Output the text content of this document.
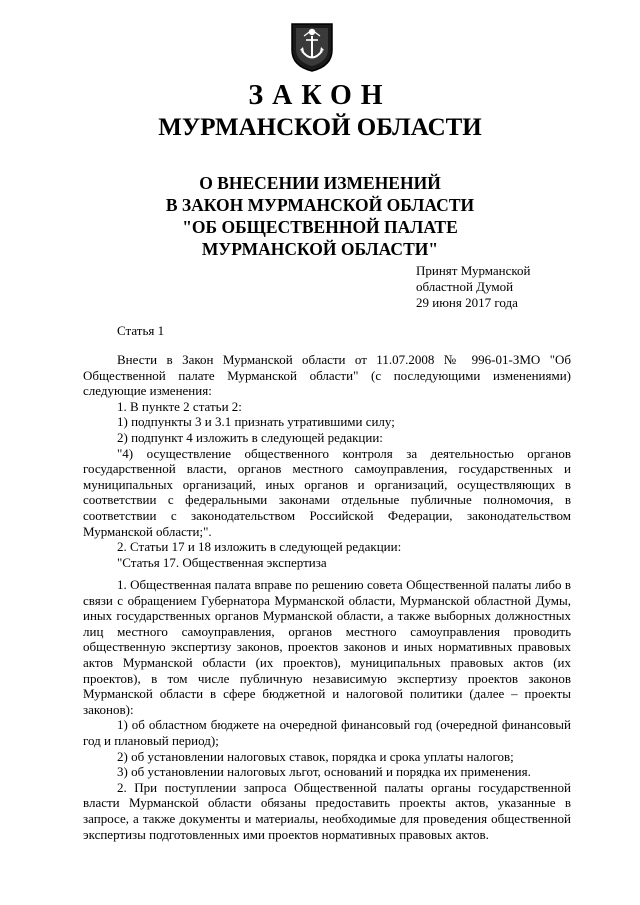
ЗАКОН
МУРМАНСКОЙ ОБЛАСТИ
О ВНЕСЕНИИ ИЗМЕНЕНИЙ
В ЗАКОН МУРМАНСКОЙ ОБЛАСТИ
"ОБ ОБЩЕСТВЕННОЙ ПАЛАТЕ
МУРМАНСКОЙ ОБЛАСТИ"
Принят Мурманской
областной Думой
29 июня 2017 года
Статья 1

Внести в Закон Мурманской области от 11.07.2008 № 996-01-ЗМО "Об Общественной палате Мурманской области" (с последующими изменениями) следующие изменения:

1. В пункте 2 статьи 2:

1) подпункты 3 и 3.1 признать утратившими силу;

2) подпункт 4 изложить в следующей редакции:

"4) осуществление общественного контроля за деятельностью органов государственной власти, органов местного самоуправления, государственных и муниципальных организаций, иных органов и организаций, осуществляющих в соответствии с федеральными законами отдельные публичные полномочия, в соответствии с законодательством Российской Федерации, законодательством Мурманской области;".

2. Статьи 17 и 18 изложить в следующей редакции:

"Статья 17. Общественная экспертиза

1. Общественная палата вправе по решению совета Общественной палаты либо в связи с обращением Губернатора Мурманской области, Мурманской областной Думы, иных государственных органов Мурманской области, а также выборных должностных лиц местного самоуправления, органов местного самоуправления проводить общественную экспертизу законов, проектов законов и иных нормативных правовых актов Мурманской области (их проектов), муниципальных правовых актов (их проектов), в том числе публичную независимую экспертизу проектов законов Мурманской области в сфере бюджетной и налоговой политики (далее – проекты законов):

1) об областном бюджете на очередной финансовый год (очередной финансовый год и плановый период);

2) об установлении налоговых ставок, порядка и срока уплаты налогов;

3) об установлении налоговых льгот, оснований и порядка их применения.

2. При поступлении запроса Общественной палаты органы государственной власти Мурманской области обязаны предоставить проекты актов, указанные в запросе, а также документы и материалы, необходимые для проведения общественной экспертизы подготовленных ими проектов нормативных правовых актов.
